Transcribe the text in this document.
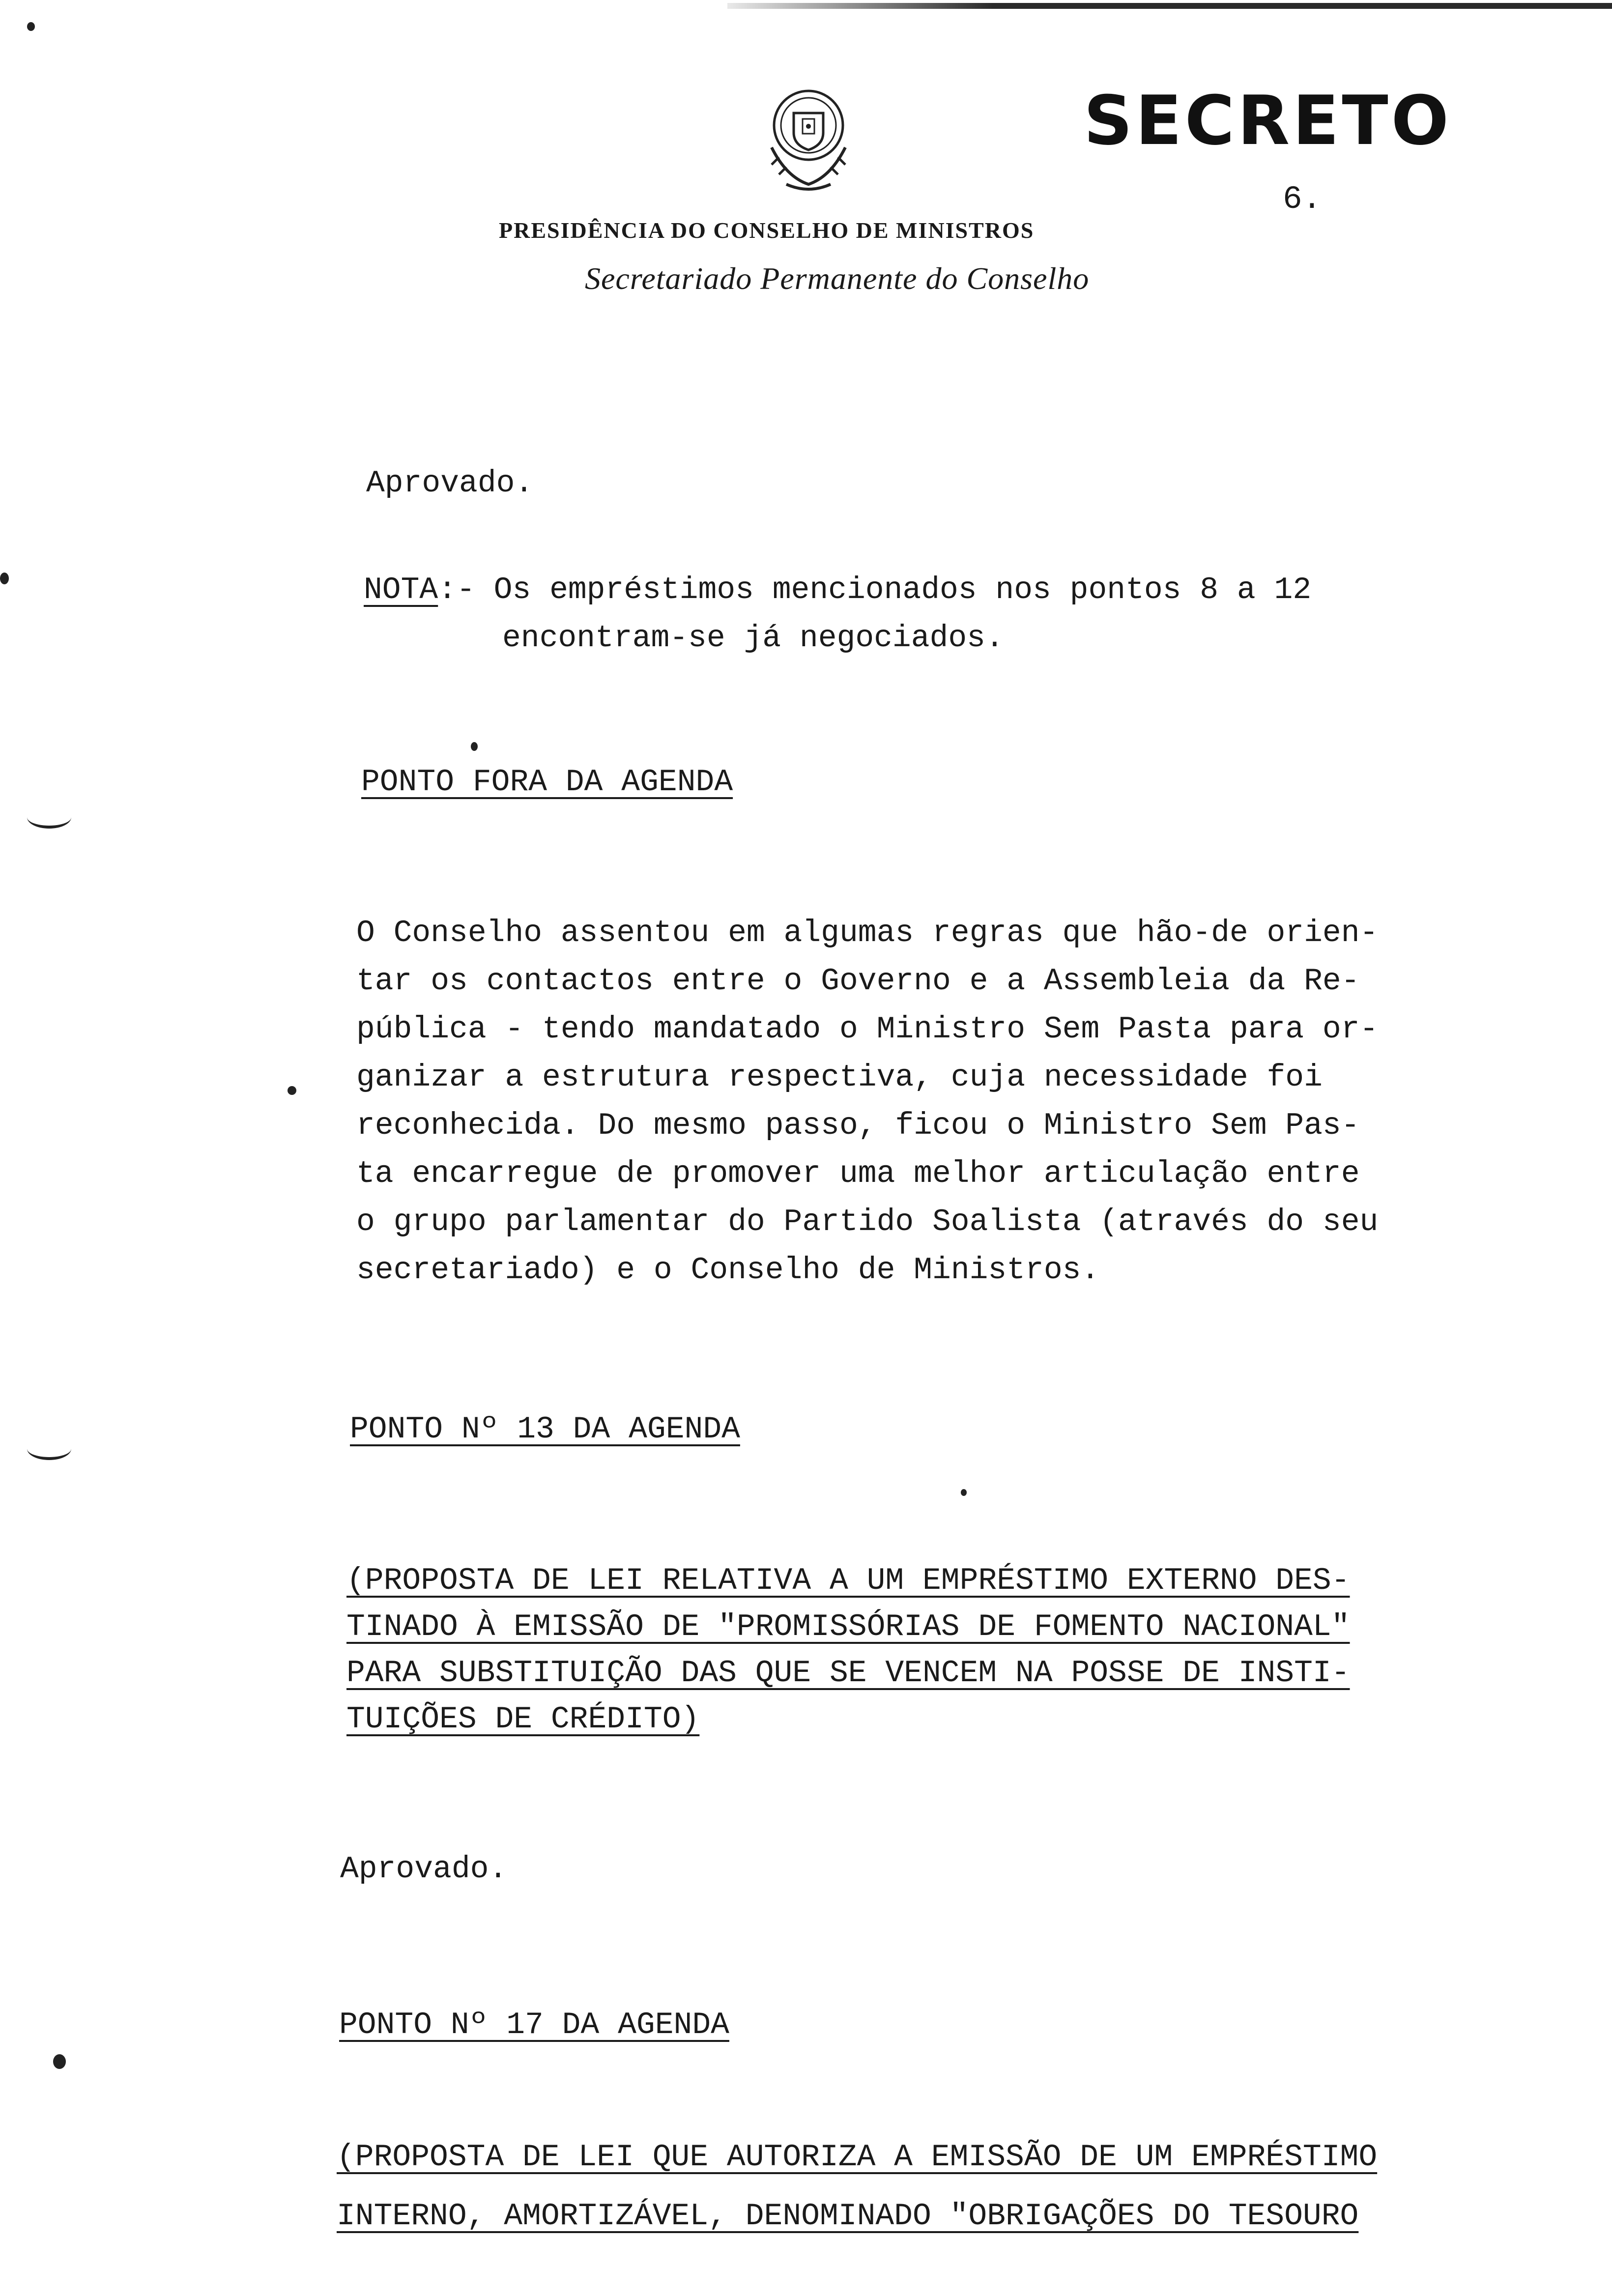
SECRETO
6.
PRESIDÊNCIA DO CONSELHO DE MINISTROS
Secretariado Permanente do Conselho
Aprovado.
NOTA:- Os empréstimos mencionados nos pontos 8 a 12
encontram-se já negociados.
PONTO FORA DA AGENDA
O Conselho assentou em algumas regras que hão-de orien-
tar os contactos entre o Governo e a Assembleia da Re-
pública - tendo mandatado o Ministro Sem Pasta para or-
ganizar a estrutura respectiva, cuja necessidade foi
reconhecida. Do mesmo passo, ficou o Ministro Sem Pas-
ta encarregue de promover uma melhor articulação entre
o grupo parlamentar do Partido Soalista (através do seu
secretariado) e o Conselho de Ministros.
PONTO Nº 13 DA AGENDA
(PROPOSTA DE LEI RELATIVA A UM EMPRÉSTIMO EXTERNO DES-
TINADO À EMISSÃO DE "PROMISSÓRIAS DE FOMENTO NACIONAL"
PARA SUBSTITUIÇÃO DAS QUE SE VENCEM NA POSSE DE INSTI-
TUIÇÕES DE CRÉDITO)
Aprovado.
PONTO Nº 17 DA AGENDA
(PROPOSTA DE LEI QUE AUTORIZA A EMISSÃO DE UM EMPRÉSTIMO
INTERNO, AMORTIZÁVEL, DENOMINADO "OBRIGAÇÕES DO TESOURO
